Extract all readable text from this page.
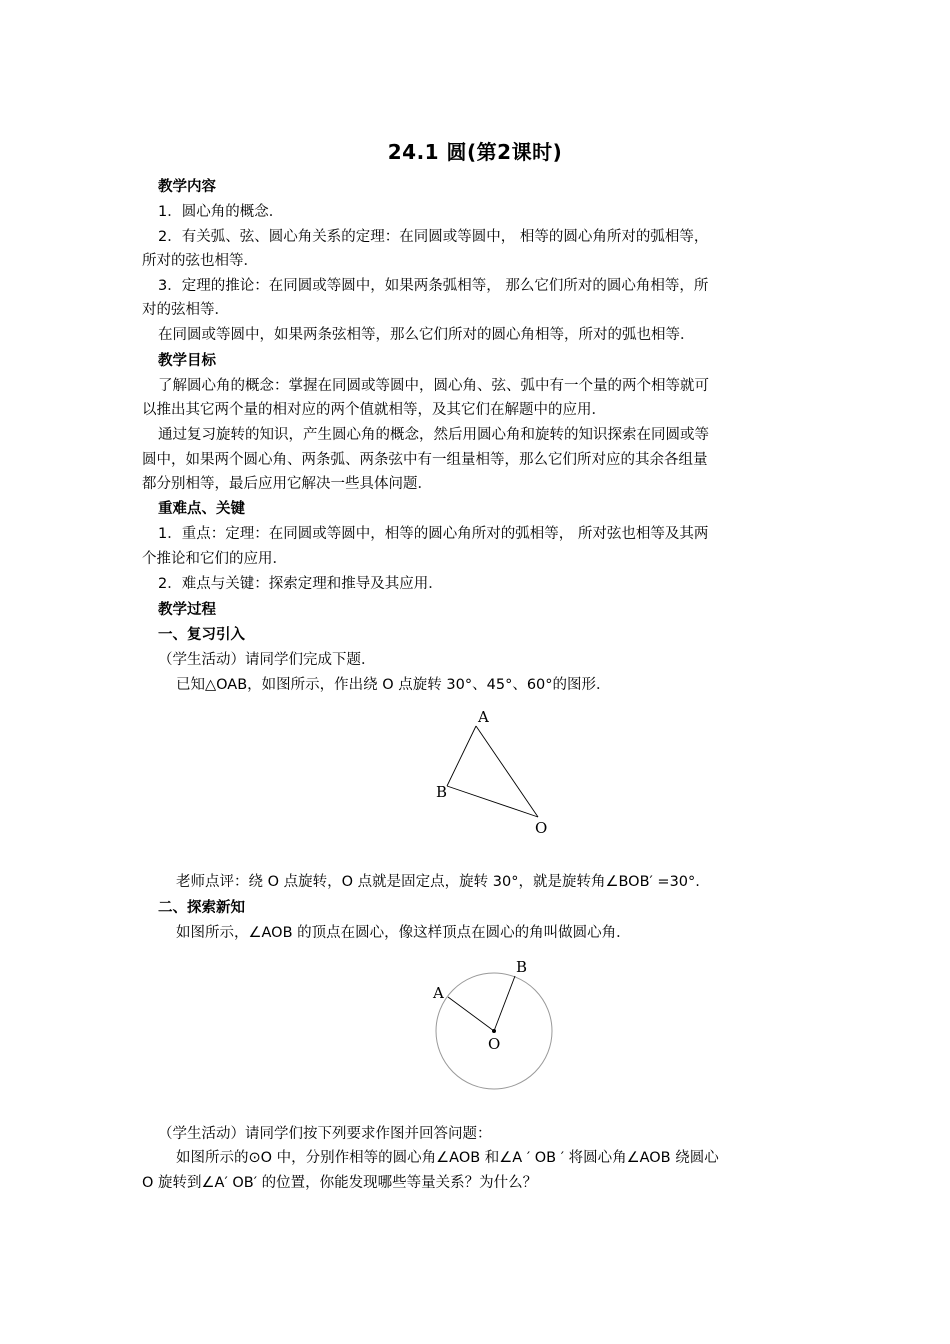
24.1 圆(第2课时)
教学内容
1．圆心角的概念．
2．有关弧、弦、圆心角关系的定理：在同圆或等圆中， 相等的圆心角所对的弧相等，
所对的弦也相等．
3．定理的推论：在同圆或等圆中，如果两条弧相等， 那么它们所对的圆心角相等，所
对的弦相等．
在同圆或等圆中，如果两条弦相等，那么它们所对的圆心角相等，所对的弧也相等．
教学目标
了解圆心角的概念：掌握在同圆或等圆中，圆心角、弦、弧中有一个量的两个相等就可
以推出其它两个量的相对应的两个值就相等，及其它们在解题中的应用．
通过复习旋转的知识，产生圆心角的概念，然后用圆心角和旋转的知识探索在同圆或等
圆中，如果两个圆心角、两条弧、两条弦中有一组量相等，那么它们所对应的其余各组量
都分别相等，最后应用它解决一些具体问题．
重难点、关键
1．重点：定理：在同圆或等圆中，相等的圆心角所对的弧相等， 所对弦也相等及其两
个推论和它们的应用．
2．难点与关键：探索定理和推导及其应用．
教学过程
一、复习引入
（学生活动）请同学们完成下题．
已知△OAB，如图所示，作出绕 O 点旋转 30°、45°、60°的图形．
A
B
O
老师点评：绕 O 点旋转，O 点就是固定点，旋转 30°，就是旋转角∠BOB′ =30°.
二、探索新知
如图所示，∠AOB 的顶点在圆心，像这样顶点在圆心的角叫做圆心角．
A
B
O
（学生活动）请同学们按下列要求作图并回答问题：
如图所示的⊙O 中，分别作相等的圆心角∠AOB 和∠A ′ OB ′ 将圆心角∠AOB 绕圆心
O 旋转到∠A′ OB′ 的位置，你能发现哪些等量关系？为什么？
